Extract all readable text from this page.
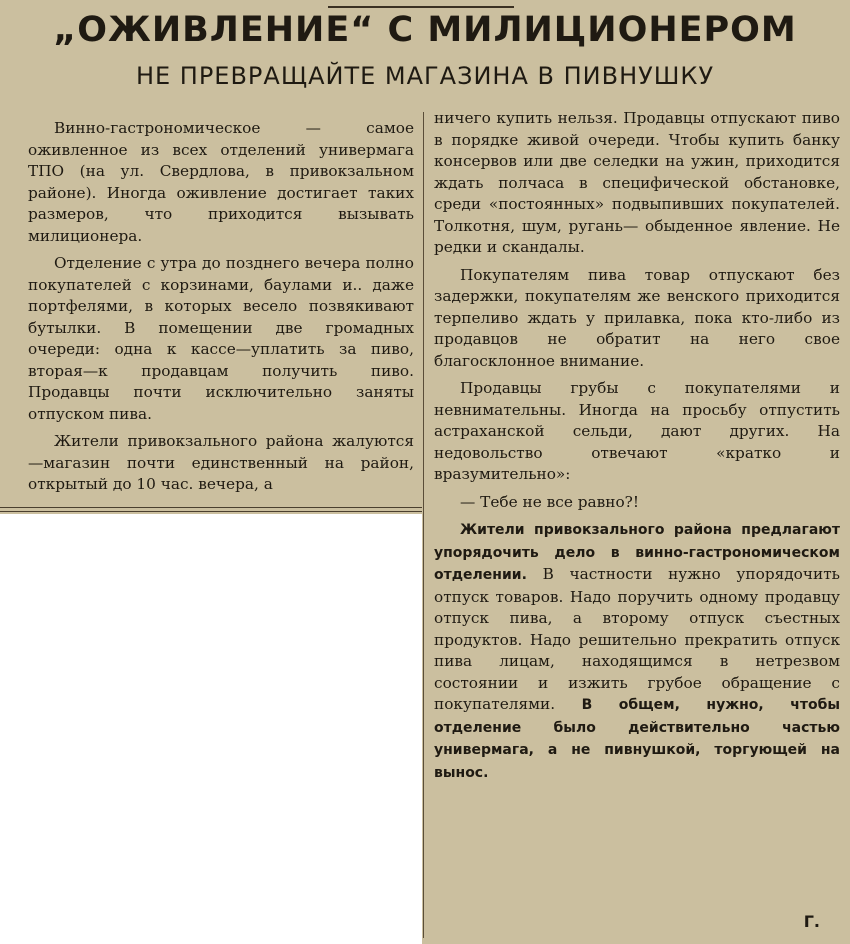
„ОЖИВЛЕНИЕ“ С МИЛИЦИОНЕРОМ
НЕ ПРЕВРАЩАЙТЕ МАГАЗИНА В ПИВНУШКУ

Винно-гастрономическое — самое оживленное из всех отделений универмага ТПО (на ул. Свердлова, в привокзальном районе). Иногда оживление достигает таких размеров, что приходится вызывать милиционера.

Отделение с утра до позднего вечера полно покупателей с корзинами, баулами и.. даже портфелями, в которых весело позвякивают бутылки. В помещении две громадных очереди: одна к кассе—уплатить за пиво, вторая—к продавцам получить пиво. Продавцы почти исключительно заняты отпуском пива.

Жители привокзального района жалуются—магазин почти единственный на район, открытый до 10 час. вечера, а

ничего купить нельзя. Продавцы отпускают пиво в порядке живой очереди. Чтобы купить банку консервов или две селедки на ужин, приходится ждать полчаса в специфической обстановке, среди «постоянных» подвыпивших покупателей. Толкотня, шум, ругань— обыденное явление. Не редки и скандалы.

Покупателям пива товар отпускают без задержки, покупателям же венского приходится терпеливо ждать у прилавка, пока кто-либо из продавцов не обратит на него свое благосклонное внимание.

Продавцы грубы с покупателями и невнимательны. Иногда на просьбу отпустить астраханской сельди, дают других. На недовольство отвечают «кратко и вразумительно»:

— Тебе не все равно?!

Жители привокзального района предлагают упорядочить дело в винно-гастрономическом отделении. В частности нужно упорядочить отпуск товаров. Надо поручить одному продавцу отпуск пива, а второму отпуск съестных продуктов. Надо решительно прекратить отпуск пива лицам, находящимся в нетрезвом состоянии и изжить грубое обращение с покупателями. В общем, нужно, чтобы отделение было действительно частью универмага, а не пивнушкой, торгующей на вынос.

Г.
